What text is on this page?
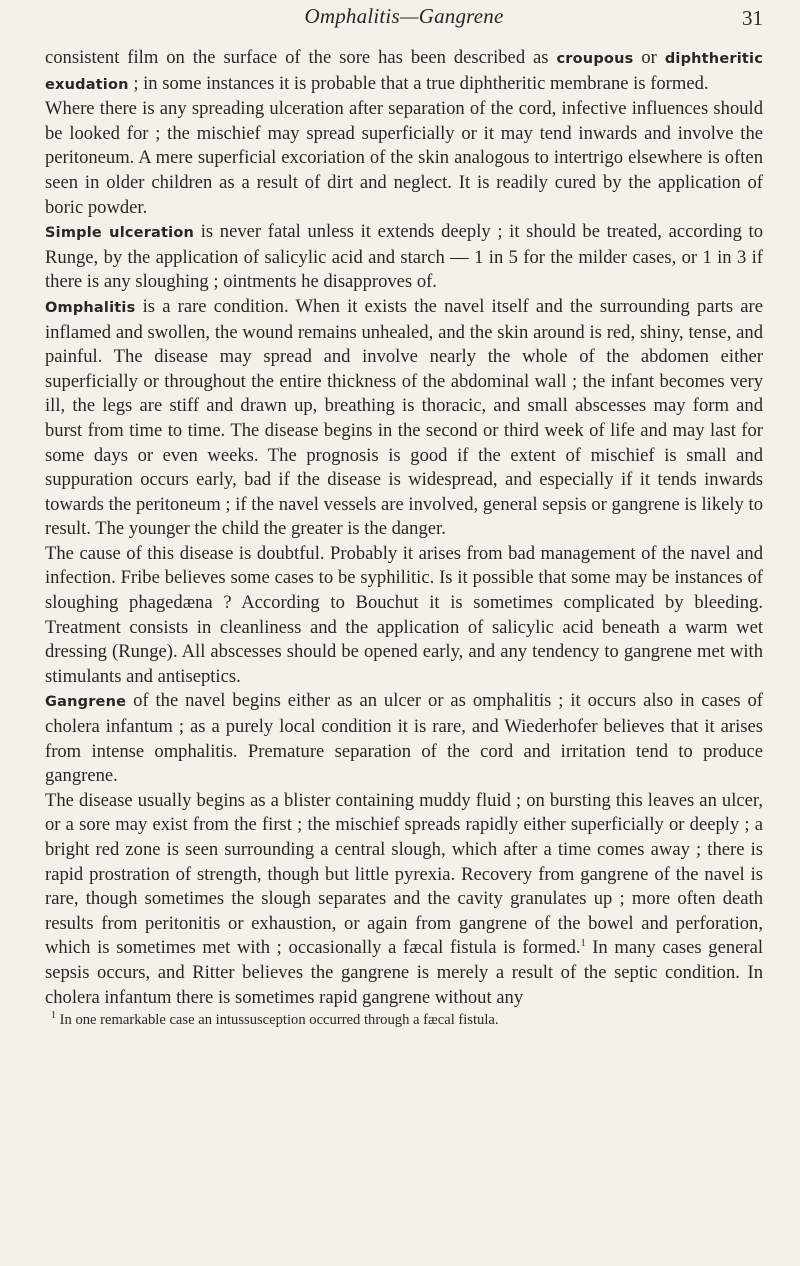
Omphalitis—Gangrene	31

consistent film on the surface of the sore has been described as croupous or diphtheritic exudation ; in some instances it is probable that a true diphtheritic membrane is formed.

Where there is any spreading ulceration after separation of the cord, infective influences should be looked for ; the mischief may spread superficially or it may tend inwards and involve the peritoneum. A mere superficial excoriation of the skin analogous to intertrigo elsewhere is often seen in older children as a result of dirt and neglect. It is readily cured by the application of boric powder.

Simple ulceration is never fatal unless it extends deeply ; it should be treated, according to Runge, by the application of salicylic acid and starch — 1 in 5 for the milder cases, or 1 in 3 if there is any sloughing ; ointments he disapproves of.

Omphalitis is a rare condition. When it exists the navel itself and the surrounding parts are inflamed and swollen, the wound remains unhealed, and the skin around is red, shiny, tense, and painful. The disease may spread and involve nearly the whole of the abdomen either superficially or throughout the entire thickness of the abdominal wall ; the infant becomes very ill, the legs are stiff and drawn up, breathing is thoracic, and small abscesses may form and burst from time to time. The disease begins in the second or third week of life and may last for some days or even weeks. The prognosis is good if the extent of mischief is small and suppuration occurs early, bad if the disease is widespread, and especially if it tends inwards towards the peritoneum ; if the navel vessels are involved, general sepsis or gangrene is likely to result. The younger the child the greater is the danger.

The cause of this disease is doubtful. Probably it arises from bad management of the navel and infection. Fribe believes some cases to be syphilitic. Is it possible that some may be instances of sloughing phagedæna ? According to Bouchut it is sometimes complicated by bleeding. Treatment consists in cleanliness and the application of salicylic acid beneath a warm wet dressing (Runge). All abscesses should be opened early, and any tendency to gangrene met with stimulants and antiseptics.

Gangrene of the navel begins either as an ulcer or as omphalitis ; it occurs also in cases of cholera infantum ; as a purely local condition it is rare, and Wiederhofer believes that it arises from intense omphalitis. Premature separation of the cord and irritation tend to produce gangrene.

The disease usually begins as a blister containing muddy fluid ; on bursting this leaves an ulcer, or a sore may exist from the first ; the mischief spreads rapidly either superficially or deeply ; a bright red zone is seen surrounding a central slough, which after a time comes away ; there is rapid prostration of strength, though but little pyrexia. Recovery from gangrene of the navel is rare, though sometimes the slough separates and the cavity granulates up ; more often death results from peritonitis or exhaustion, or again from gangrene of the bowel and perforation, which is sometimes met with ; occasionally a fæcal fistula is formed.$^1$ In many cases general sepsis occurs, and Ritter believes the gangrene is merely a result of the septic condition. In cholera infantum there is sometimes rapid gangrene without any

$^1$ In one remarkable case an intussusception occurred through a fæcal fistula.
